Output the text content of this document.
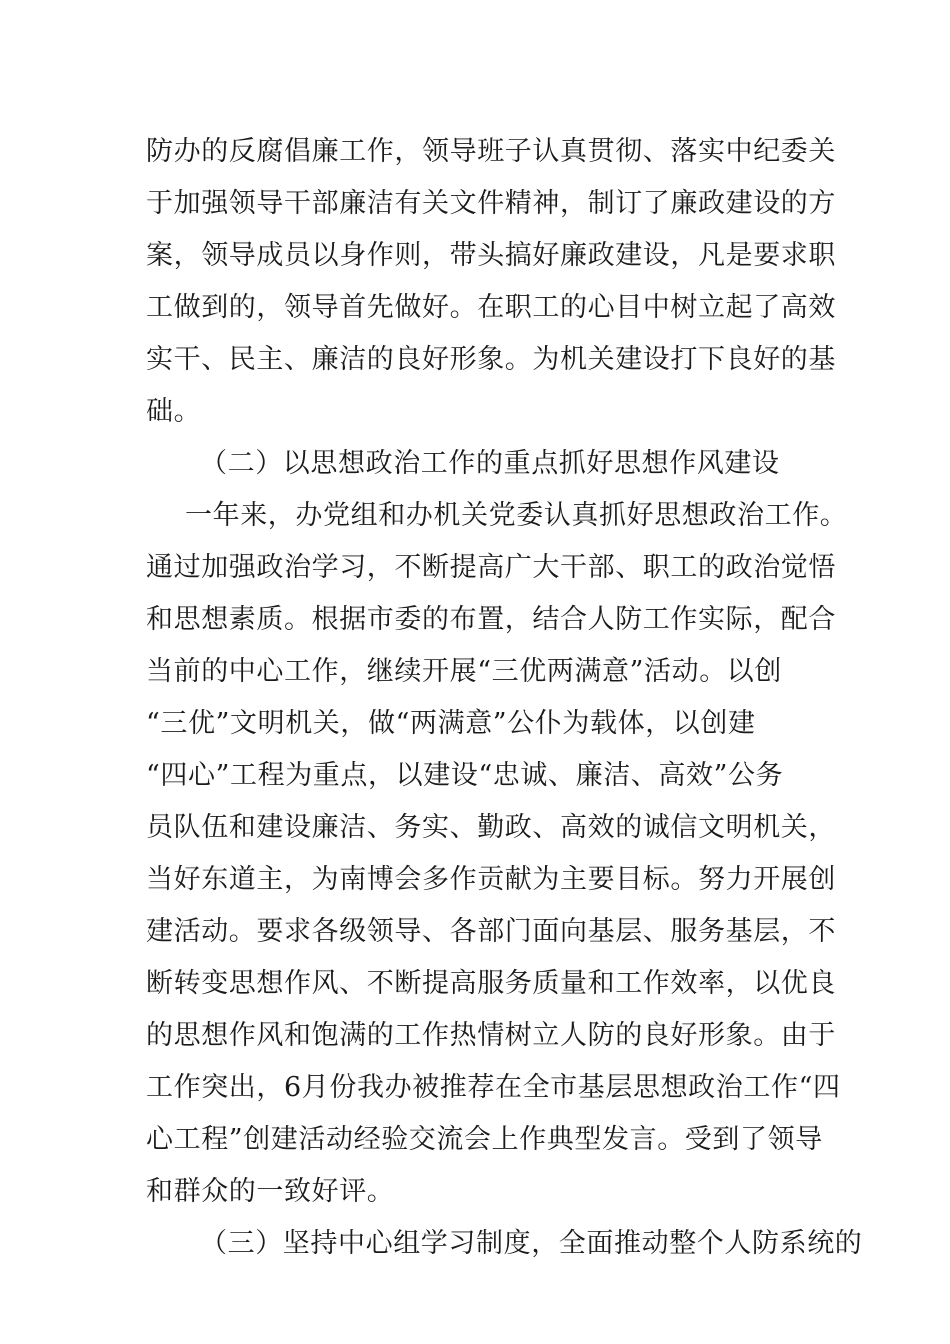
防办的反腐倡廉工作，领导班子认真贯彻、落实中纪委关
于加强领导干部廉洁有关文件精神，制订了廉政建设的方
案，领导成员以身作则，带头搞好廉政建设，凡是要求职
工做到的，领导首先做好。在职工的心目中树立起了高效
实干、民主、廉洁的良好形象。为机关建设打下良好的基
础。
（二）以思想政治工作的重点抓好思想作风建设
一年来，办党组和办机关党委认真抓好思想政治工作。
通过加强政治学习，不断提高广大干部、职工的政治觉悟
和思想素质。根据市委的布置，结合人防工作实际，配合
当前的中心工作，继续开展“三优两满意”活动。以创
“三优”文明机关，做“两满意”公仆为载体，以创建
“四心”工程为重点，以建设“忠诚、廉洁、高效”公务
员队伍和建设廉洁、务实、勤政、高效的诚信文明机关，
当好东道主，为南博会多作贡献为主要目标。努力开展创
建活动。要求各级领导、各部门面向基层、服务基层，不
断转变思想作风、不断提高服务质量和工作效率，以优良
的思想作风和饱满的工作热情树立人防的良好形象。由于
工作突出，6月份我办被推荐在全市基层思想政治工作“四
心工程”创建活动经验交流会上作典型发言。受到了领导
和群众的一致好评。
（三）坚持中心组学习制度，全面推动整个人防系统的
